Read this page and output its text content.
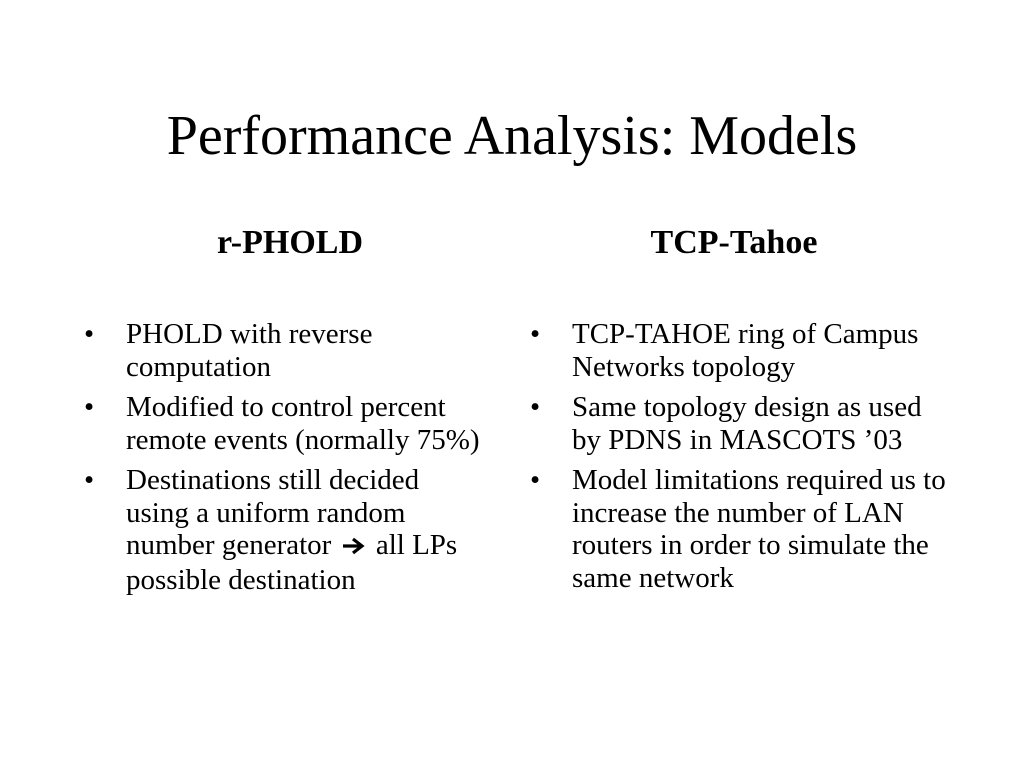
Performance Analysis: Models
r-PHOLD	TCP-Tahoe
• PHOLD with reverse computation
• Modified to control percent remote events (normally 75%)
• Destinations still decided using a uniform random number generator all LPs possible destination
• TCP-TAHOE ring of Campus Networks topology
• Same topology design as used by PDNS in MASCOTS ’03
• Model limitations required us to increase the number of LAN routers in order to simulate the same network
